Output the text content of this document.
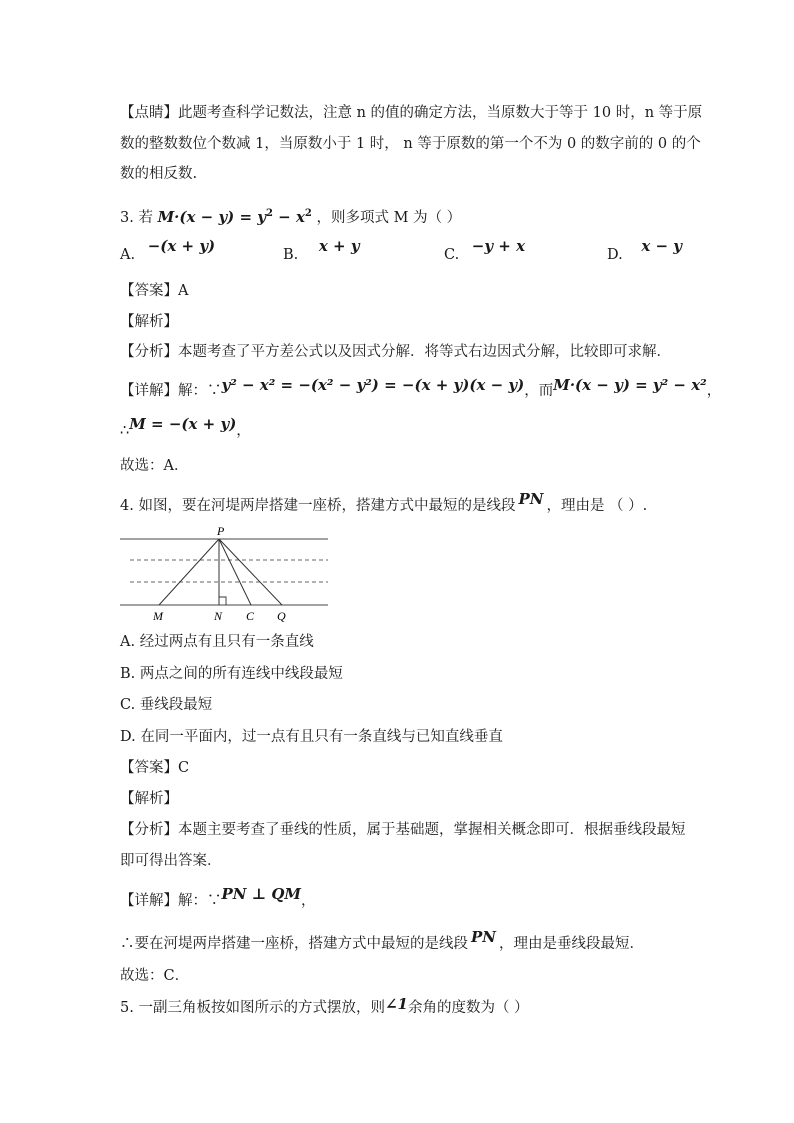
【点睛】此题考查科学记数法，注意 n 的值的确定方法，当原数大于等于 10 时，n 等于原
数的整数数位个数减 1，当原数小于 1 时， n 等于原数的第一个不为 0 的数字前的 0 的个
数的相反数.
3. 若 $M\cdot(x - y) = y^2 - x^2$ ，则多项式 M 为（ ）
A. −(x + y)	B. x + y	C. −y + x	D. x − y
【答案】A
【解析】
【分析】本题考查了平方差公式以及因式分解．将等式右边因式分解，比较即可求解．
【详解】解：∵y² − x² = −(x² − y²) = −(x + y)(x − y)，而M·(x − y) = y² − x²，
∴M = −(x + y)，
故选：A．
4. 如图，要在河堤两岸搭建一座桥，搭建方式中最短的是线段 PN ，理由是 （ ）.
P
M	N C Q
A. 经过两点有且只有一条直线
B. 两点之间的所有连线中线段最短
C. 垂线段最短
D. 在同一平面内，过一点有且只有一条直线与已知直线垂直
【答案】C
【解析】
【分析】本题主要考查了垂线的性质，属于基础题，掌握相关概念即可．根据垂线段最短
即可得出答案．
【详解】解：∵PN ⊥ QM，
∴要在河堤两岸搭建一座桥，搭建方式中最短的是线段 PN ，理由是垂线段最短．
故选：C．
5. 一副三角板按如图所示的方式摆放，则∠1余角的度数为（ ）
